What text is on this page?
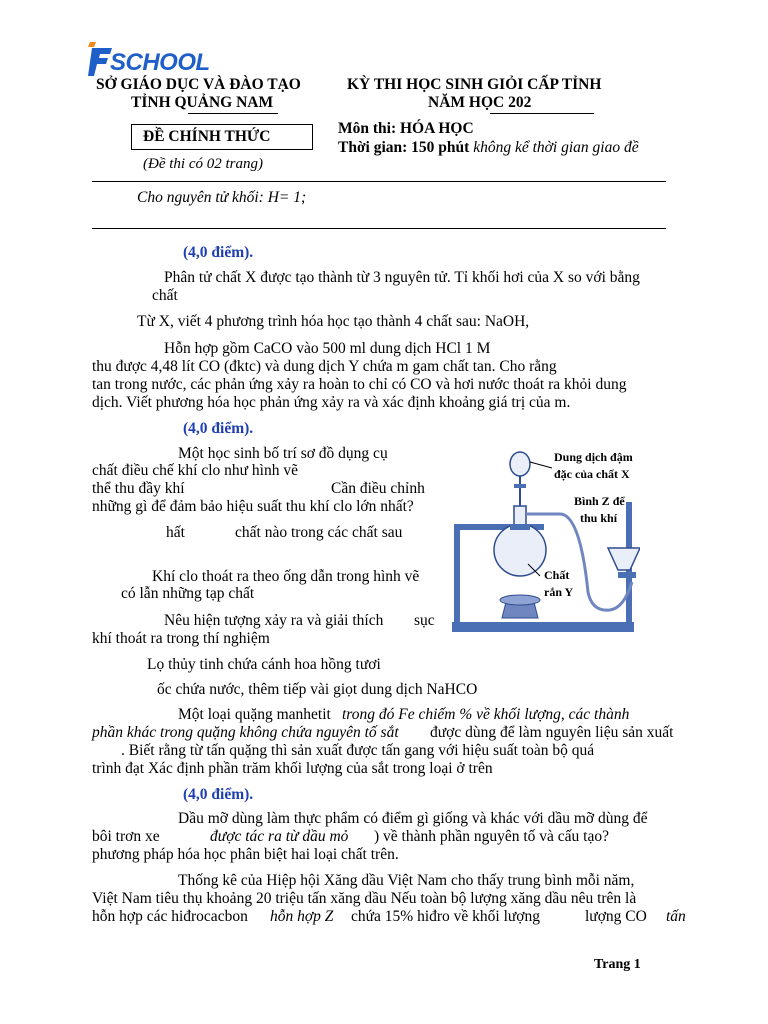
SCHOOL
SỞ GIÁO DỤC VÀ ĐÀO TẠO
TỈNH QUẢNG NAM
ĐỀ CHÍNH THỨC
(Đề thi có 02 trang)
KỲ THI HỌC SINH GIỎI CẤP TỈNH
NĂM HỌC 202
Môn thi: HÓA HỌC
Thời gian: 150 phút không kể thời gian giao đề
Cho nguyên tử khối: H= 1;
(4,0 điểm).
Phân tử chất X được tạo thành từ 3 nguyên tử. Tỉ khối hơi của X so với bằng
chất
Từ X, viết 4 phương trình hóa học tạo thành 4 chất sau: NaOH,
Hỗn hợp gồm CaCO vào 500 ml dung dịch HCl 1 M
thu được 4,48 lít CO (đktc) và dung dịch Y chứa m gam chất tan. Cho rằng
tan trong nước, các phản ứng xảy ra hoàn to chỉ có CO và hơi nước thoát ra khỏi dung
dịch. Viết phương hóa học phản ứng xảy ra và xác định khoảng giá trị của m.
(4,0 điểm).
Một học sinh bố trí sơ đồ dụng cụ
chất điều chế khí clo như hình vẽ
thể thu đầy khí	Cần điều chỉnh
những gì để đảm bảo hiệu suất thu khí clo lớn nhất?
hất	chất nào trong các chất sau
Khí clo thoát ra theo ống dẫn trong hình vẽ
có lẫn những tạp chất
Nêu hiện tượng xảy ra và giải thích sục
khí thoát ra trong thí nghiệm
Lọ thủy tinh chứa cánh hoa hồng tươi
ốc chứa nước, thêm tiếp vài giọt dung dịch NaHCO
Dung dịch đậm
đặc của chất X
Bình Z để
thu khí
Chất
rắn Y
Một loại quặng manhetit trong đó Fe chiếm % về khối lượng, các thành
phần khác trong quặng không chứa nguyên tố sắt được dùng để làm nguyên liệu sản xuất
. Biết rằng từ tấn quặng thì sản xuất được tấn gang với hiệu suất toàn bộ quá
trình đạt Xác định phần trăm khối lượng của sắt trong loại ở trên
(4,0 điểm).
Dầu mỡ dùng làm thực phẩm có điểm gì giống và khác với dầu mỡ dùng để
bôi trơn xe	được tác ra từ dầu mỏ ) về thành phần nguyên tố và cấu tạo?
phương pháp hóa học phân biệt hai loại chất trên.
Thống kê của Hiệp hội Xăng dầu Việt Nam cho thấy trung bình mỗi năm,
Việt Nam tiêu thụ khoảng 20 triệu tấn xăng dầu Nếu toàn bộ lượng xăng dầu nêu trên là
hỗn hợp các hiđrocacbon hỗn hợp Z chứa 15% hiđro về khối lượng	lượng CO tấn
Trang 1
